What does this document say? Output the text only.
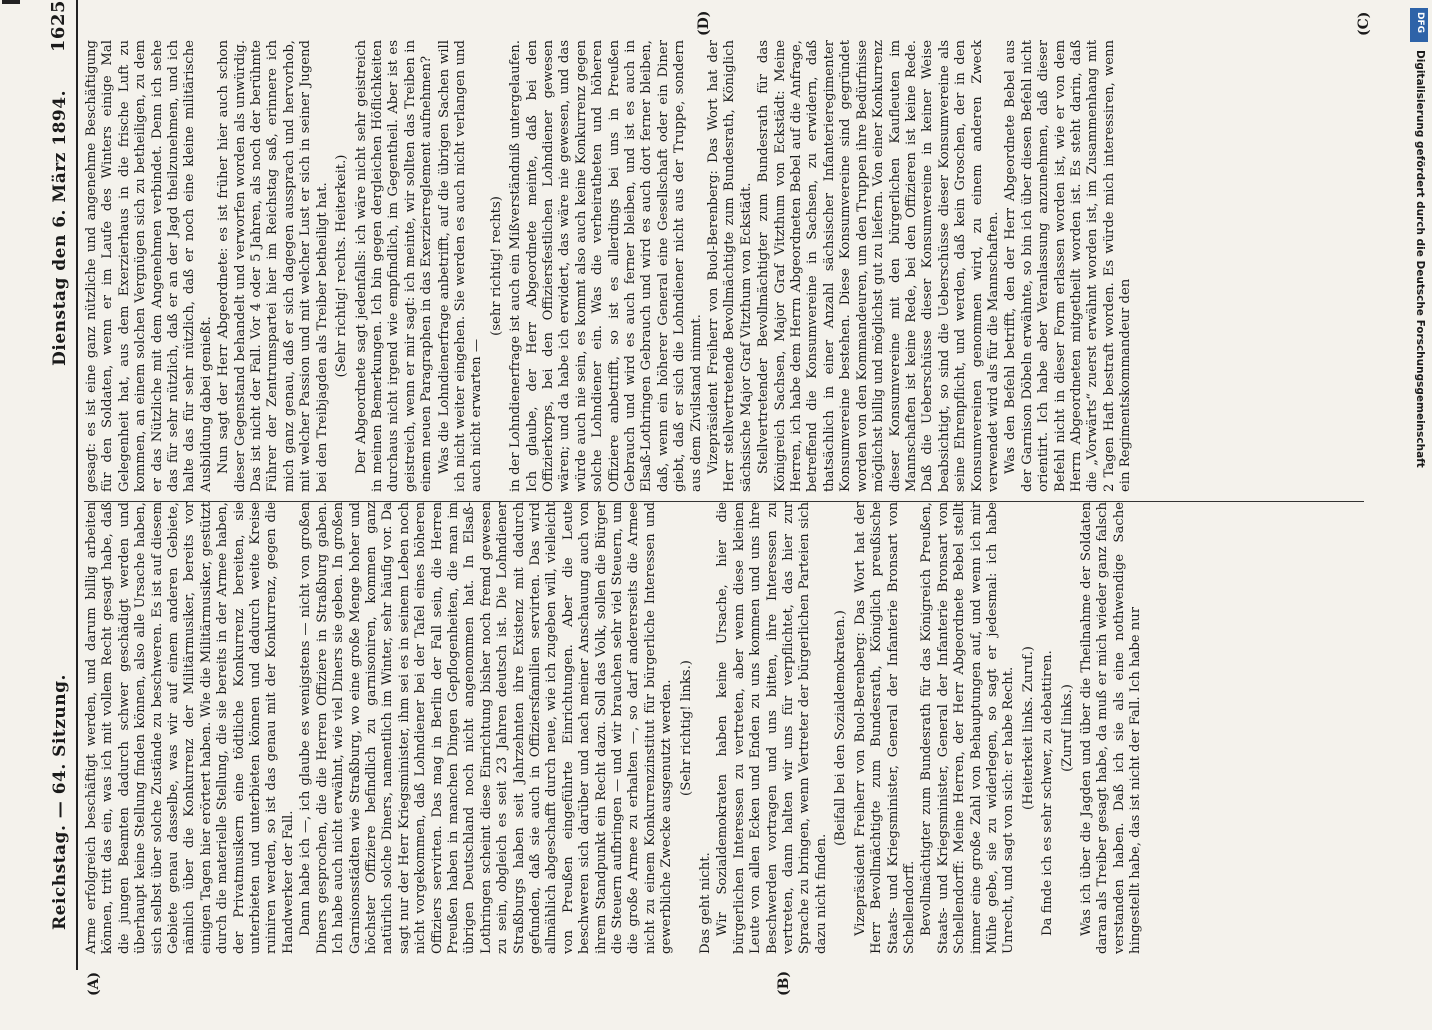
Reichstag. — 64. Sitzung.
Dienstag den 6. März 1894.
1625
(A)	(B)
(C)
(D)

Arme erfolgreich beschäftigt werden, und darum billig arbeiten können, tritt das ein, was ich mit vollem Recht gesagt habe, daß die jungen Beamten dadurch schwer geschädigt werden und überhaupt keine Stellung finden können, also alle Ursache haben, sich selbst über solche Zustände zu beschweren. Es ist auf diesem Gebiete genau dasselbe, was wir auf einem anderen Gebiete, nämlich über die Konkurrenz der Militärmusiker, bereits vor einigen Tagen hier erörtert haben. Wie die Militärmusiker, gestützt durch die materielle Stellung, die sie bereits in der Armee haben, der Privatmusikern eine tödtliche Konkurrenz bereiten, sie unterbieten und unterbieten können und dadurch weite Kreise ruiniren werden, so ist das genau mit der Konkurrenz, gegen die Handwerker der Fall. Dann habe ich —, ich glaube es wenigstens — nicht von großen Diners gesprochen, die die Herren Offiziere in Straßburg gaben. Ich habe auch nicht erwähnt, wie viel Diners sie geben. In großen Garnisonsstädten wie Straßburg, wo eine große Menge hoher und höchster Offiziere befindlich zu garnisoniren, kommen ganz natürlich solche Diners, namentlich im Winter, sehr häufig vor. Da sagt nur der Herr Kriegsminister, ihm sei es in seinem Leben noch nicht vorgekommen, daß Lohndiener bei der Tafel eines höheren Offiziers servirten. Das mag in Berlin der Fall sein, die Herren Preußen haben in manchen Dingen Gepflogenheiten, die man im übrigen Deutschland noch nicht angenommen hat. In Elsaß-Lothringen scheint diese Einrichtung bisher noch fremd gewesen zu sein, obgleich es seit 23 Jahren deutsch ist. Die Lohndiener Straßburgs haben seit Jahrzehnten ihre Existenz mit dadurch gefunden, daß sie auch in Offiziersfamilien servirten. Das wird allmählich abgeschafft durch neue, wie ich zugeben will, vielleicht von Preußen eingeführte Einrichtungen. Aber die Leute beschweren sich darüber und nach meiner Anschauung auch von ihrem Standpunkt ein Recht dazu. Soll das Volk, sollen die Bürger die Steuern aufbringen — und wir brauchen sehr viel Steuern, um die große Armee zu erhalten —, so darf andererseits die Armee nicht zu einem Konkurrenzinstitut für bürgerliche Interessen und gewerbliche Zwecke ausgenutzt werden. (Sehr richtig! links.)

Das geht nicht. Wir Sozialdemokraten haben keine Ursache, hier die bürgerlichen Interessen zu vertreten, aber wenn diese kleinen Leute von allen Ecken und Enden zu uns kommen und uns ihre Beschwerden vortragen und uns bitten, ihre Interessen zu vertreten, dann halten wir uns für verpflichtet, das hier zur Sprache zu bringen, wenn Vertreter der bürgerlichen Parteien sich dazu nicht finden.

(Beifall bei den Sozialdemokraten.) Vizepräsident Freiherr von Buol-Berenberg: Das Wort hat der Herr Bevollmächtigte zum Bundesrath, Königlich preußische Staats- und Kriegsminister, General der Infanterie Bronsart von Schellendorff. Bevollmächtigter zum Bundesrath für das Königreich Preußen, Staats- und Kriegsminister, General der Infanterie Bronsart von Schellendorff: Meine Herren, der Herr Abgeordnete Bebel stellt immer eine große Zahl von Behauptungen auf, und wenn ich mir Mühe gebe, sie zu widerlegen, so sagt er jedesmal: ich habe Unrecht, und sagt von sich: er habe Recht. (Heiterkeit links. Zuruf.) Da finde ich es sehr schwer, zu debattiren. (Zuruf links.) Was ich über die Jagden und über die Theilnahme der Soldaten daran als Treiber gesagt habe, da muß er mich wieder ganz falsch verstanden haben. Daß ich sie als eine nothwendige Sache hingestellt habe, das ist nicht der Fall. Ich habe nur

gesagt: es ist eine ganz nützliche und angenehme Beschäftigung für den Soldaten, wenn er im Laufe des Winters einige Mal Gelegenheit hat, aus dem Exerzierhaus in die frische Luft zu kommen, an einem solchen Vergnügen sich zu betheiligen, zu dem er das Nützliche mit dem Angenehmen verbindet. Denn ich sehe das für sehr nützlich, daß er an der Jagd theilzunehmen, und ich halte das für sehr nützlich, daß er noch eine kleine militärische Ausbildung dabei genießt. Nun sagt der Herr Abgeordnete: es ist früher hier auch schon dieser Gegenstand behandelt und verworfen worden als unwürdig. Das ist nicht der Fall. Vor 4 oder 5 Jahren, als noch der berühmte Führer der Zentrumspartei hier im Reichstag saß, erinnere ich mich ganz genau, daß er sich dagegen aussprach und hervorhob, mit welcher Passion und mit welcher Lust er sich in seiner Jugend bei den Treibjagden als Treiber betheiligt hat. (Sehr richtig! rechts. Heiterkeit.) Der Abgeordnete sagt jedenfalls: ich wäre nicht sehr geistreich in meinen Bemerkungen. Ich bin gegen dergleichen Höflichkeiten durchaus nicht irgend wie empfindlich, im Gegentheil. Aber ist es geistreich, wenn er mir sagt: ich meinte, wir sollten das Treiben in einem neuen Paragraphen in das Exerzierreglement aufnehmen? Was die Lohndienerfrage anbetrifft, auf die übrigen Sachen will ich nicht weiter eingehen. Sie werden es auch nicht verlangen und auch nicht erwarten —

(sehr richtig! rechts) in der Lohndienerfrage ist auch ein Mißverständniß untergelaufen. Ich glaube, der Herr Abgeordnete meinte, daß bei den Offizierkorps, bei den Offiziersfestlichen Lohndiener gewesen wären; und da habe ich erwidert, das wäre nie gewesen, und das würde auch nie sein, es kommt also auch keine Konkurrenz gegen solche Lohndiener ein. Was die verheiratheten und höheren Offiziere anbetrifft, so ist es allerdings bei uns in Preußen Gebrauch und wird es auch ferner bleiben, und ist es auch in Elsaß-Lothringen Gebrauch und wird es auch dort ferner bleiben, daß, wenn ein höherer General eine Gesellschaft oder ein Diner giebt, daß er sich die Lohndiener nicht aus der Truppe, sondern aus dem Zivilstand nimmt. Vizepräsident Freiherr von Buol-Berenberg: Das Wort hat der Herr stellvertretende Bevollmächtigte zum Bundesrath, Königlich sächsische Major Graf Vitzthum von Eckstädt. Stellvertretender Bevollmächtigter zum Bundesrath für das Königreich Sachsen, Major Graf Vitzthum von Eckstädt: Meine Herren, ich habe dem Herrn Abgeordneten Bebel auf die Anfrage, betreffend die Konsumvereine in Sachsen, zu erwidern, daß thatsächlich in einer Anzahl sächsischer Infanterieregimenter Konsumvereine bestehen. Diese Konsumvereine sind gegründet worden von den Kommandeuren, um den Truppen ihre Bedürfnisse möglichst billig und möglichst gut zu liefern. Von einer Konkurrenz dieser Konsumvereine mit den bürgerlichen Kaufleuten im Mannschaften ist keine Rede, bei den Offizieren ist keine Rede. Daß die Ueberschüsse dieser Konsumvereine in keiner Weise beabsichtigt, so sind die Ueberschüsse dieser Konsumvereine als seine Ehrenpflicht, und werden, daß kein Groschen, der in den Konsumvereinen genommen wird, zu einem anderen Zweck verwendet wird als für die Mannschaften. Was den Befehl betrifft, den der Herr Abgeordnete Bebel aus der Garnison Döbeln erwähnte, so bin ich über diesen Befehl nicht orientirt. Ich habe aber Veranlassung anzunehmen, daß dieser Befehl nicht in dieser Form erlassen worden ist, wie er von dem Herrn Abgeordneten mitgetheilt worden ist. Es steht darin, daß die „Vorwärts“ zuerst erwähnt worden ist, im Zusammenhang mit 2 Tagen Haft bestraft worden. Es würde mich interessiren, wenn ein Regimentskommandeur den	Digitalisierung gefördert durch die Deutsche Forschungsgemeinschaft
DFG
